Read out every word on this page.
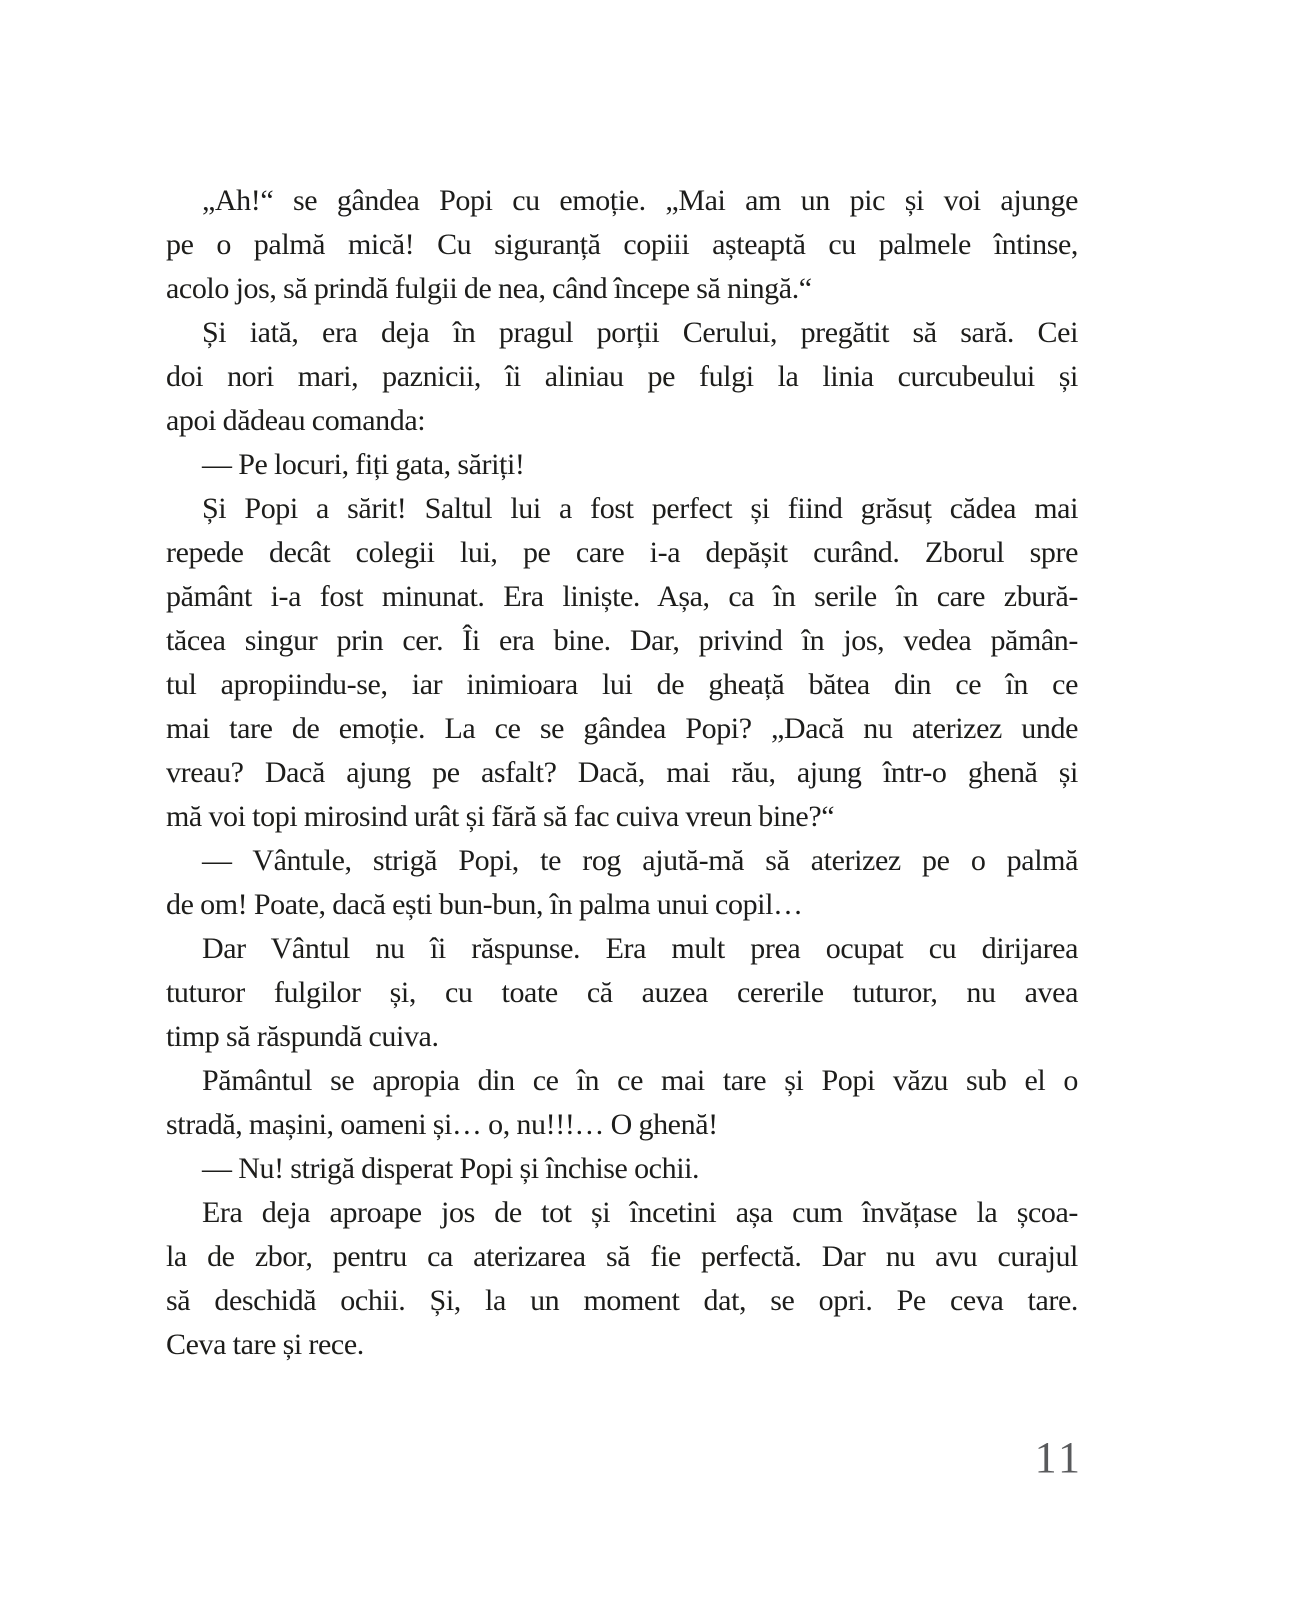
„Ah!“ se gândea Popi cu emoție. „Mai am un pic și voi ajunge
pe o palmă mică! Cu siguranță copiii așteaptă cu palmele întinse,
acolo jos, să prindă fulgii de nea, când începe să ningă.“
Și iată, era deja în pragul porții Cerului, pregătit să sară. Cei
doi nori mari, paznicii, îi aliniau pe fulgi la linia curcubeului și
apoi dădeau comanda:
— Pe locuri, fiți gata, săriți!
Și Popi a sărit! Saltul lui a fost perfect și fiind grăsuț cădea mai
repede decât colegii lui, pe care i-a depășit curând. Zborul spre
pământ i-a fost minunat. Era liniște. Așa, ca în serile în care zbură-
tăcea singur prin cer. Îi era bine. Dar, privind în jos, vedea pămân-
tul apropiindu-se, iar inimioara lui de gheață bătea din ce în ce
mai tare de emoție. La ce se gândea Popi? „Dacă nu aterizez unde
vreau? Dacă ajung pe asfalt? Dacă, mai rău, ajung într-o ghenă și
mă voi topi mirosind urât și fără să fac cuiva vreun bine?“
— Vântule, strigă Popi, te rog ajută-mă să aterizez pe o palmă
de om! Poate, dacă ești bun-bun, în palma unui copil…
Dar Vântul nu îi răspunse. Era mult prea ocupat cu dirijarea
tuturor fulgilor și, cu toate că auzea cererile tuturor, nu avea
timp să răspundă cuiva.
Pământul se apropia din ce în ce mai tare și Popi văzu sub el o
stradă, mașini, oameni și… o, nu!!!… O ghenă!
— Nu! strigă disperat Popi și închise ochii.
Era deja aproape jos de tot și încetini așa cum învățase la școa-
la de zbor, pentru ca aterizarea să fie perfectă. Dar nu avu curajul
să deschidă ochii. Și, la un moment dat, se opri. Pe ceva tare.
Ceva tare și rece.
11
